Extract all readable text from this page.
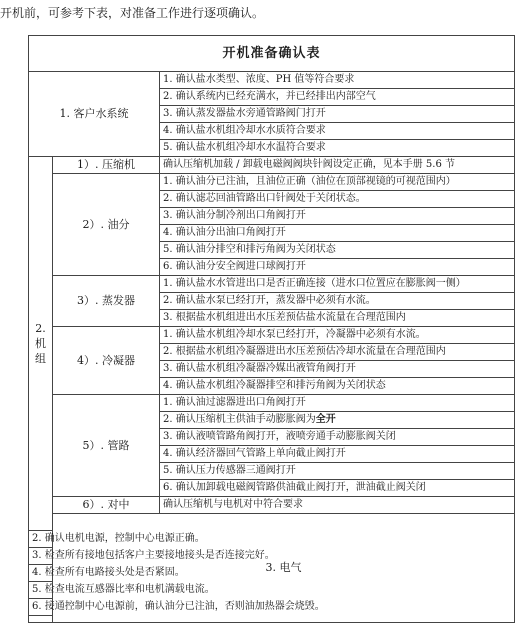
开机前，可参考下表，对准备工作进行逐项确认。
开机准备确认表			
1. 客户水系统		1. 确认盐水类型、浓度、PH 值等符合要求	
		2. 确认系统内已经充满水，并已经排出内部空气	
		3. 确认蒸发器盐水旁通管路阀门打开	
		4. 确认盐水机组冷却水水质符合要求	
		5. 确认盐水机组冷却水水温符合要求	
2.
机组	1）. 压缩机	确认压缩机加载 / 卸载电磁阀阀块针阀设定正确，见本手册 5.6 节	
	2）. 油分	1. 确认油分已注油，且油位正确（油位在顶部视镜的可视范围内）	
		2. 确认滤芯回油管路出口针阀处于关闭状态。	
		3. 确认油分制冷剂出口角阀打开	
		4. 确认油分出油口角阀打开	
		5. 确认油分排空和排污角阀为关闭状态	
		6. 确认油分安全阀进口球阀打开	
	3）. 蒸发器	1. 确认盐水水管进出口是否正确连接（进水口位置应在膨胀阀一侧）	
		2. 确认盐水泵已经打开，蒸发器中必须有水流。	
		3. 根据盐水机组进出水压差预估盐水流量在合理范围内	
	4）. 冷凝器	1. 确认盐水机组冷却水泵已经打开，冷凝器中必须有水流。	
		2. 根据盐水机组冷凝器进出水压差预估冷却水流量在合理范围内	
		3. 确认盐水机组冷凝器冷媒出液管角阀打开	
		4. 确认盐水机组冷凝器排空和排污角阀为关闭状态	
	5）. 管路	1. 确认油过滤器进出口角阀打开	
		2. 确认压缩机主供油手动膨胀阀为全开	
		3. 确认液喷管路角阀打开，液喷旁通手动膨胀阀关闭	
		4. 确认经济器回气管路上单向截止阀打开	
		5. 确认压力传感器三通阀打开	
		6. 确认加卸载电磁阀管路供油截止阀打开，泄油截止阀关闭	
	6）. 对中	确认压缩机与电机对中符合要求	
	3. 电气	
2. 确认电机电源，控制中心电源正确。			
3. 检查所有接地包括客户主要接地接头是否连接完好。			
4. 检查所有电路接头处是否紧固。			
5. 检查电流互感器比率和电机满载电流。			
6. 接通控制中心电源前，确认油分已注油，否则油加热器会烧毁。			
